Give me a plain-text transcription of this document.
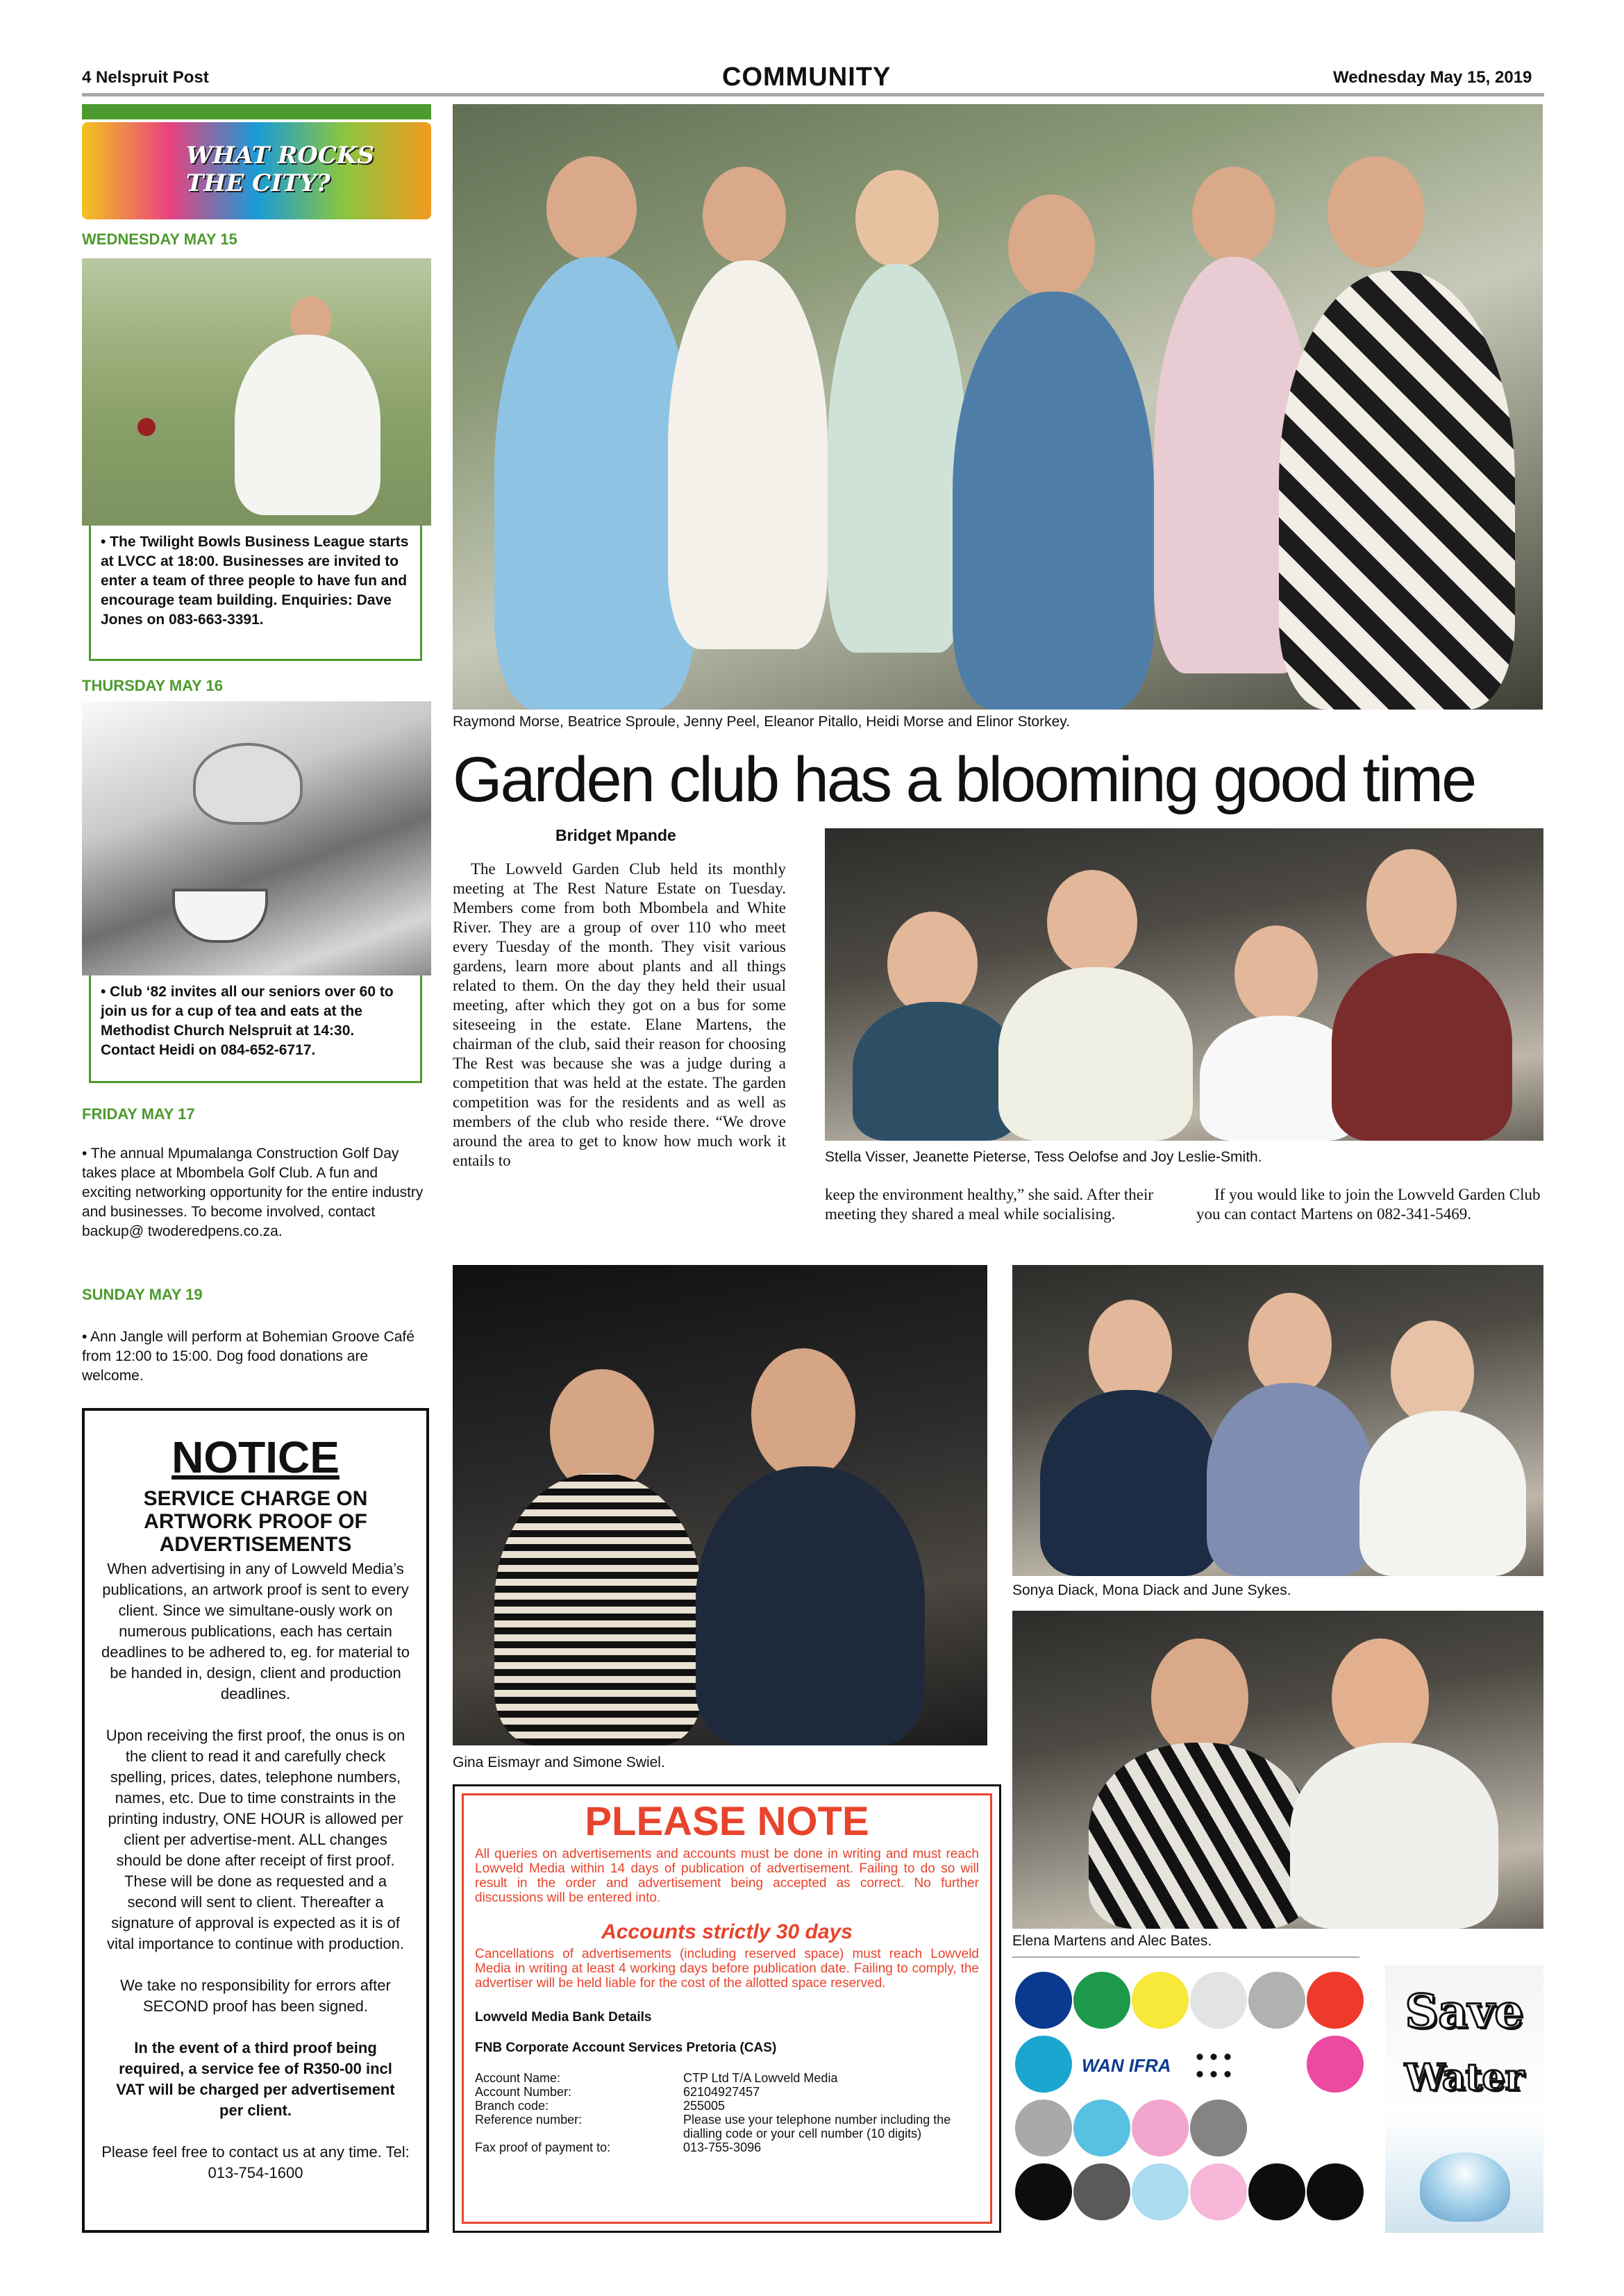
4 Nelspruit Post	COMMUNITY	Wednesday May 15, 2019
WHAT ROCKS THE CITY?
WEDNESDAY MAY 15
• The Twilight Bowls Business League starts at LVCC at 18:00. Businesses are invited to enter a team of three people to have fun and encourage team building. Enquiries: Dave Jones on 083-663-3391.
THURSDAY MAY 16
• Club ‘82 invites all our seniors over 60 to join us for a cup of tea and eats at the Methodist Church Nelspruit at 14:30. Contact Heidi on 084-652-6717.
FRIDAY MAY 17
• The annual Mpumalanga Construction Golf Day takes place at Mbombela Golf Club. A fun and exciting networking opportunity for the entire industry and businesses. To become involved, contact backup@ twoderedpens.co.za.
SUNDAY MAY 19
• Ann Jangle will perform at Bohemian Groove Café from 12:00 to 15:00. Dog food donations are welcome.
NOTICE
SERVICE CHARGE ON ARTWORK PROOF OF ADVERTISEMENTS
When advertising in any of Lowveld Media’s publications, an artwork proof is sent to every client. Since we simultane-ously work on numerous publications, each has certain deadlines to be adhered to, eg. for material to be handed in, design, client and production deadlines.
Upon receiving the first proof, the onus is on the client to read it and carefully check spelling, prices, dates, telephone numbers, names, etc. Due to time constraints in the printing industry, ONE HOUR is allowed per client per advertise-ment. ALL changes should be done after receipt of first proof. These will be done as requested and a second will sent to client. Thereafter a signature of approval is expected as it is of vital importance to continue with production.
We take no responsibility for errors after SECOND proof has been signed.
In the event of a third proof being required, a service fee of R350-00 incl VAT will be charged per advertisement per client.
Please feel free to contact us at any time. Tel: 013-754-1600
Raymond Morse, Beatrice Sproule, Jenny Peel, Eleanor Pitallo, Heidi Morse and Elinor Storkey.
Garden club has a blooming good time
Bridget Mpande
The Lowveld Garden Club held its monthly meeting at The Rest Nature Estate on Tuesday. Members come from both Mbombela and White River. They are a group of over 110 who meet every Tuesday of the month. They visit various gardens, learn more about plants and all things related to them. On the day they held their usual meeting, after which they got on a bus for some siteseeing in the estate. Elane Martens, the chairman of the club, said their reason for choosing The Rest was because she was a judge during a competition that was held at the estate. The garden competition was for the residents and as well as members of the club who reside there. “We drove around the area to get to know how much work it entails to	Stella Visser, Jeanette Pieterse, Tess Oelofse and Joy Leslie-Smith.
keep the environment healthy,” she said. After their meeting they shared a meal while socialising.
If you would like to join the Lowveld Garden Club you can contact Martens on 082-341-5469.
Gina Eismayr and Simone Swiel.
Sonya Diack, Mona Diack and June Sykes.
Elena Martens and Alec Bates.
PLEASE NOTE
All queries on advertisements and accounts must be done in writing and must reach Lowveld Media within 14 days of publication of advertisement. Failing to do so will result in the order and advertisement being accepted as correct. No further discussions will be entered into.
Accounts strictly 30 days
Cancellations of advertisements (including reserved space) must reach Lowveld Media in writing at least 4 working days before publication date. Failing to comply, the advertiser will be held liable for the cost of the allotted space reserved.
Lowveld Media Bank Details
FNB Corporate Account Services Pretoria (CAS)
Account Name:	CTP Ltd T/A Lowveld Media
Account Number:	62104927457
Branch code:	255005
Reference number:	Please use your telephone number including the dialling code or your cell number (10 digits)
Fax proof of payment to:	013-755-3096
WAN IFRA
Save
Water
